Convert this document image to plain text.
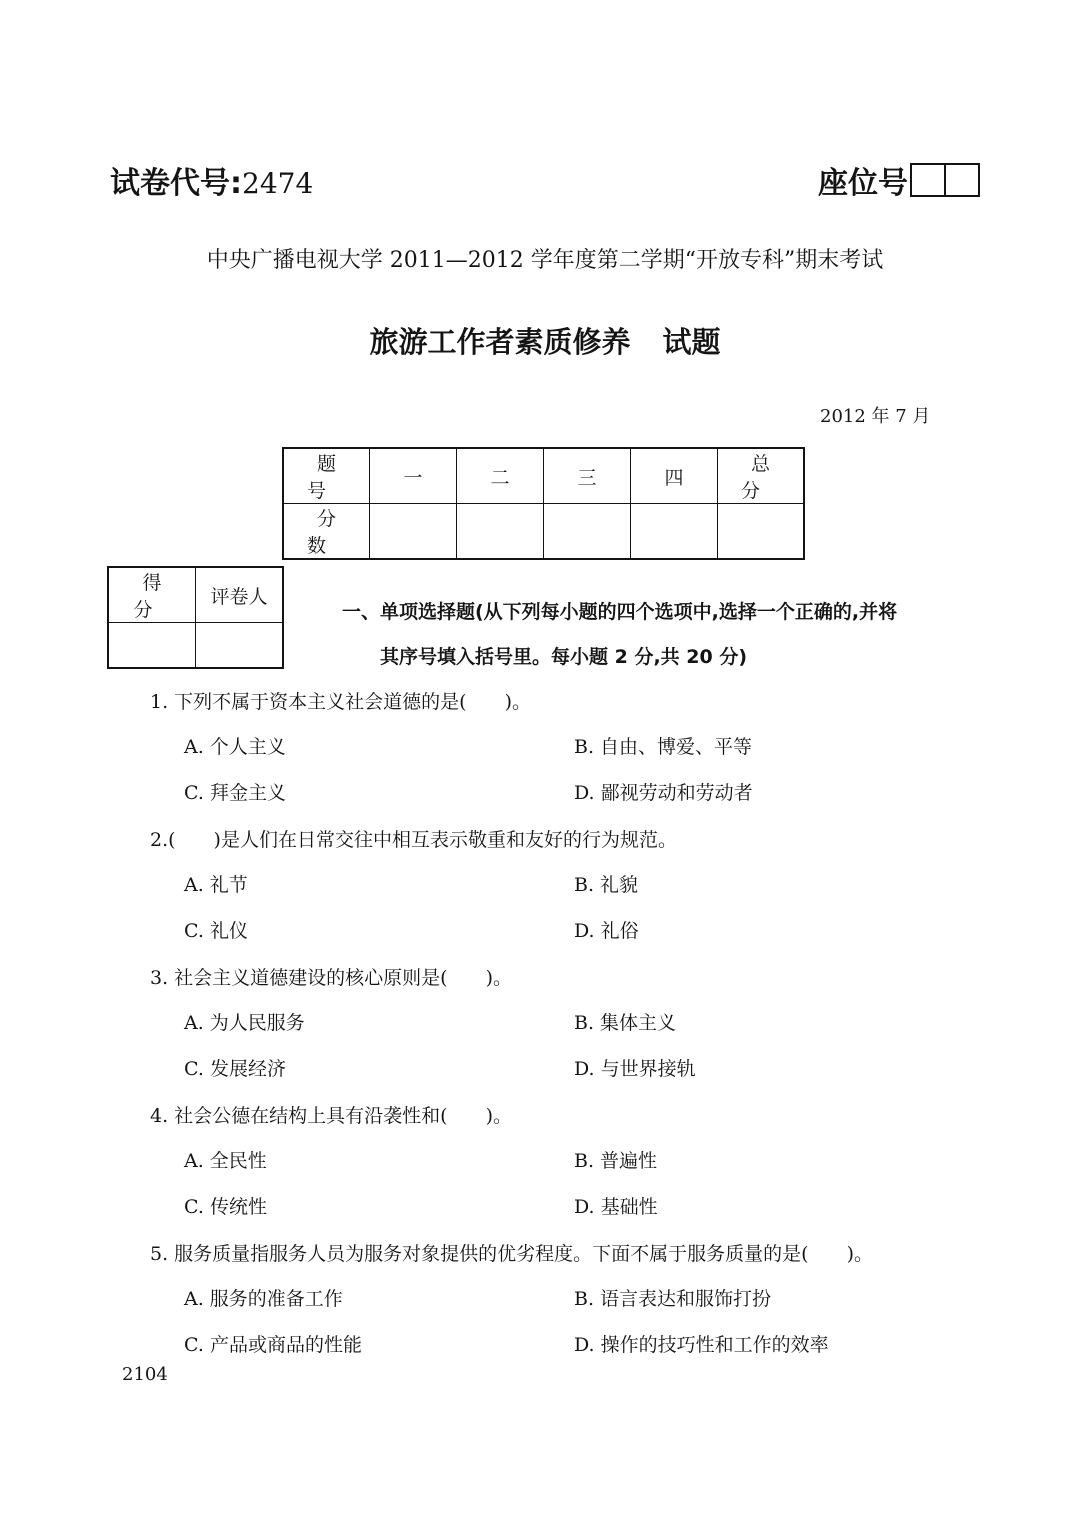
试卷代号:2474	座位号
中央广播电视大学 2011—2012 学年度第二学期“开放专科”期末考试
旅游工作者素质修养 试题
2012 年 7 月
题号	一	二	三	四	总分
分数					
得分	评卷人

一、单项选择题(从下列每小题的四个选项中,选择一个正确的,并将
其序号填入括号里。每小题 2 分,共 20 分)
1. 下列不属于资本主义社会道德的是(　　)。
A. 个人主义	B. 自由、博爱、平等
C. 拜金主义	D. 鄙视劳动和劳动者
2.(　　)是人们在日常交往中相互表示敬重和友好的行为规范。
A. 礼节	B. 礼貌
C. 礼仪	D. 礼俗
3. 社会主义道德建设的核心原则是(　　)。
A. 为人民服务	B. 集体主义
C. 发展经济	D. 与世界接轨
4. 社会公德在结构上具有沿袭性和(　　)。
A. 全民性	B. 普遍性
C. 传统性	D. 基础性
5. 服务质量指服务人员为服务对象提供的优劣程度。下面不属于服务质量的是(　　)。
A. 服务的准备工作	B. 语言表达和服饰打扮
C. 产品或商品的性能	D. 操作的技巧性和工作的效率
2104
